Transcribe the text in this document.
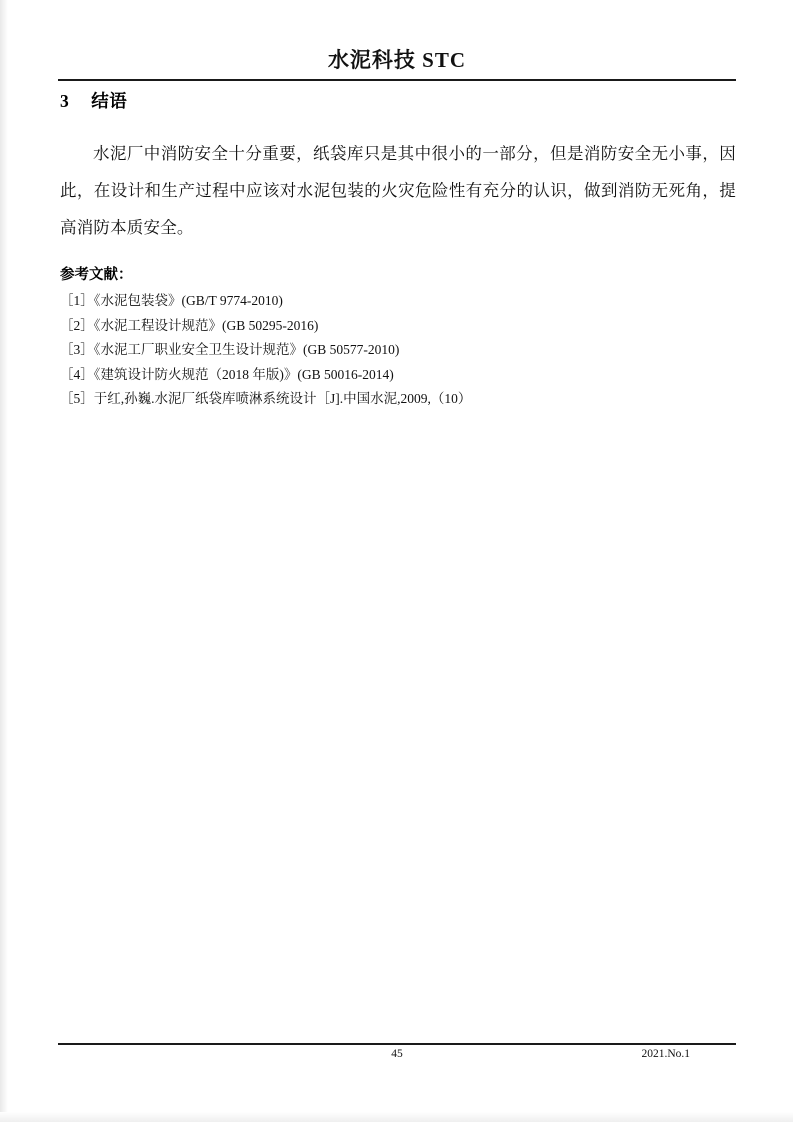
水泥科技 STC
3 结语

水泥厂中消防安全十分重要，纸袋库只是其中很小的一部分，但是消防安全无小事，因此，在设计和生产过程中应该对水泥包装的火灾危险性有充分的认识，做到消防无死角，提高消防本质安全。

参考文献：
［1］《水泥包装袋》(GB/T 9774-2010)
［2］《水泥工程设计规范》(GB 50295-2016)
［3］《水泥工厂职业安全卫生设计规范》(GB 50577-2010)
［4］《建筑设计防火规范（2018 年版)》(GB 50016-2014)
［5］于红,孙巍.水泥厂纸袋库喷淋系统设计［J].中国水泥,2009,（10）
45	2021.No.1
